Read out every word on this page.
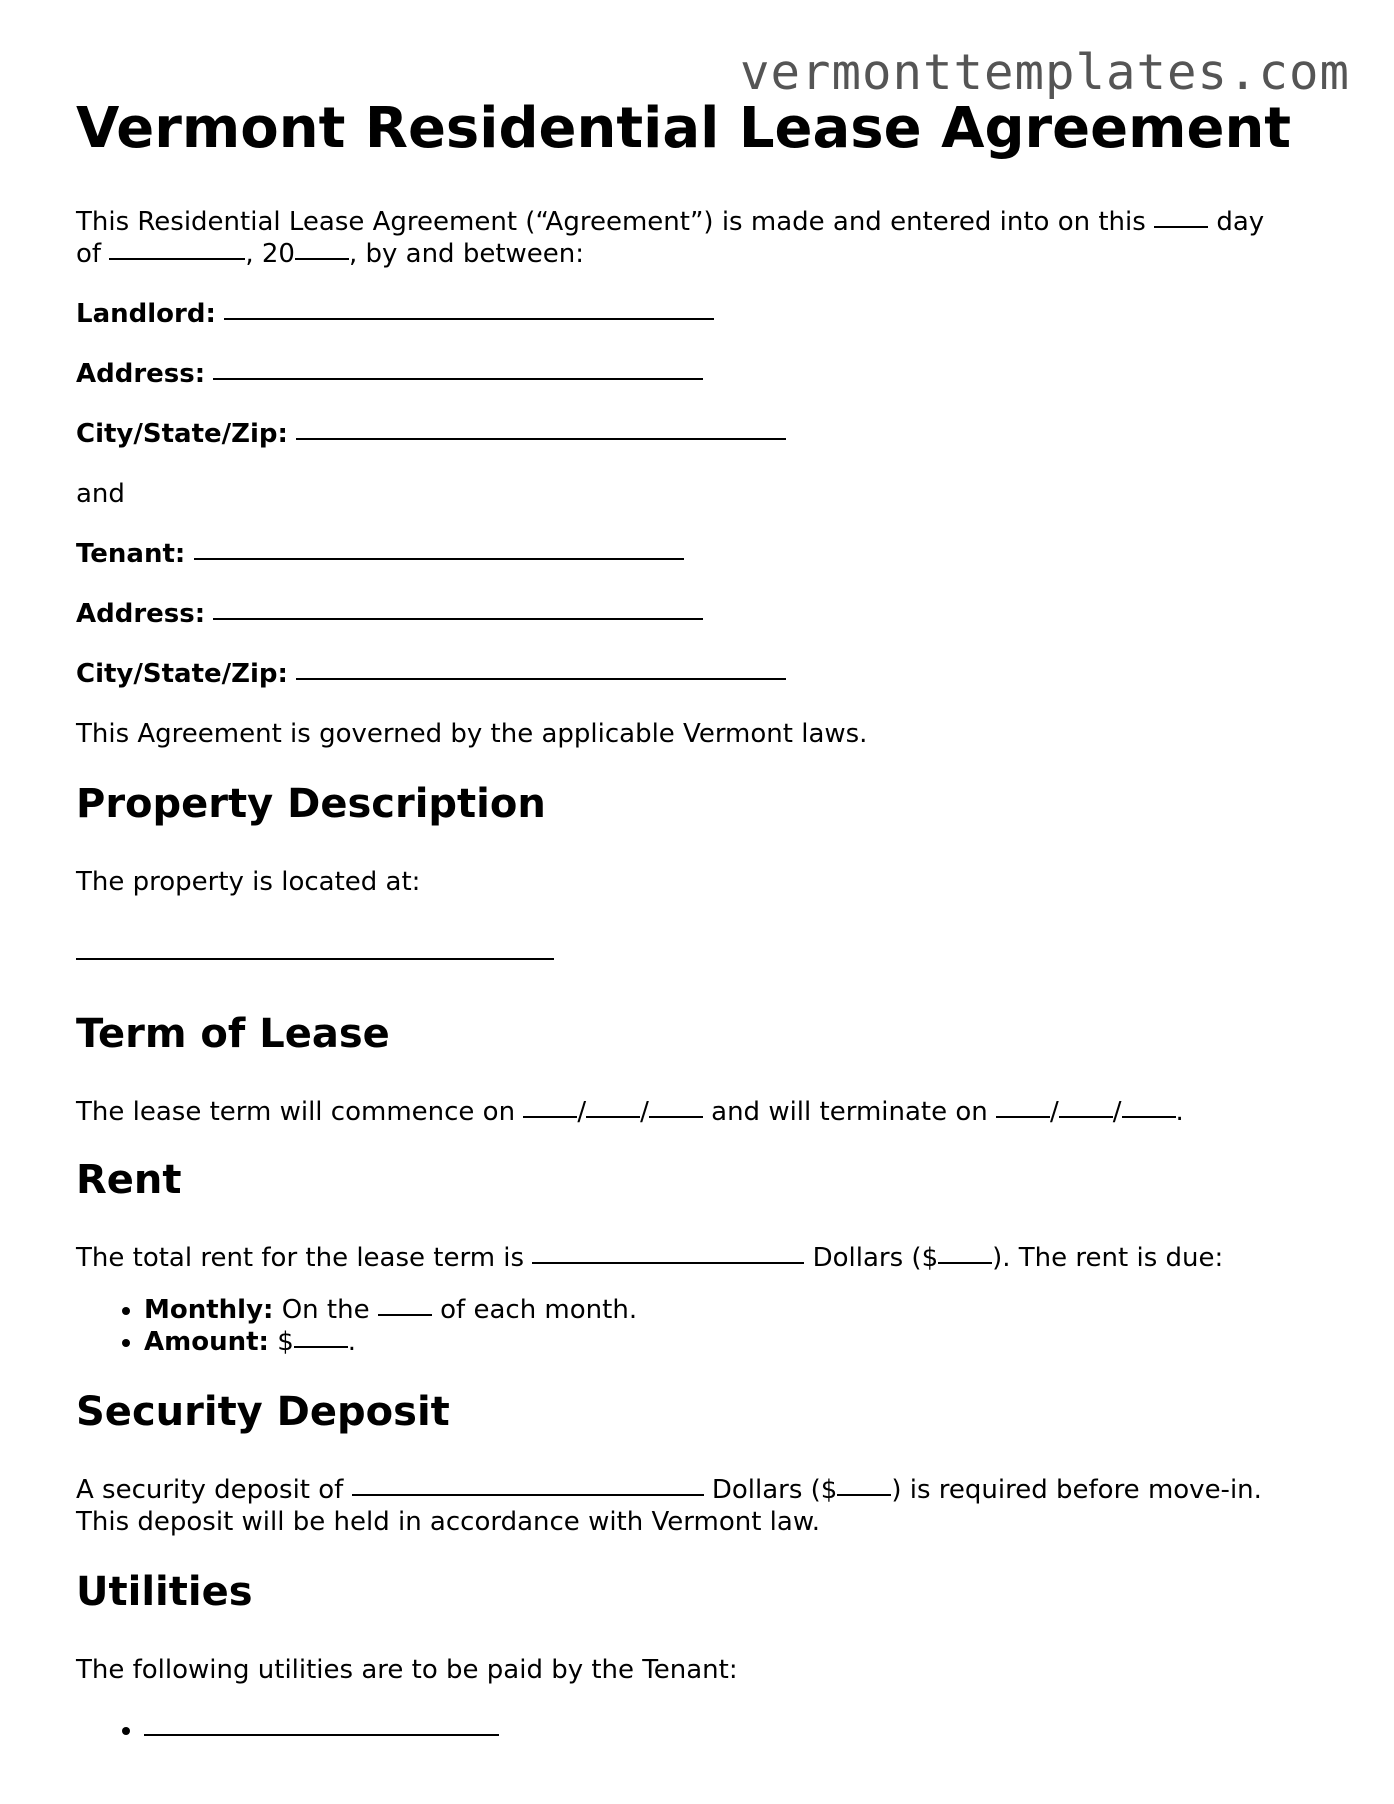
vermonttemplates.com
Vermont Residential Lease Agreement

This Residential Lease Agreement (“Agreement”) is made and entered into on this	day

of	, 20 , by and between:

Landlord:

Address:

City/State/Zip:

and

Tenant:

Address:

City/State/Zip:

This Agreement is governed by the applicable Vermont laws.

Property Description

The property is located at:

Term of Lease

The lease term will commence on / / and will terminate on / / .

Rent

The total rent for the lease term is	Dollars ($ ). The rent is due:

• Monthly: On the	of each month.
• Amount: $ .
Security Deposit

A security deposit of	Dollars ($ ) is required before move-in.

This deposit will be held in accordance with Vermont law.

Utilities

The following utilities are to be paid by the Tenant:

•
